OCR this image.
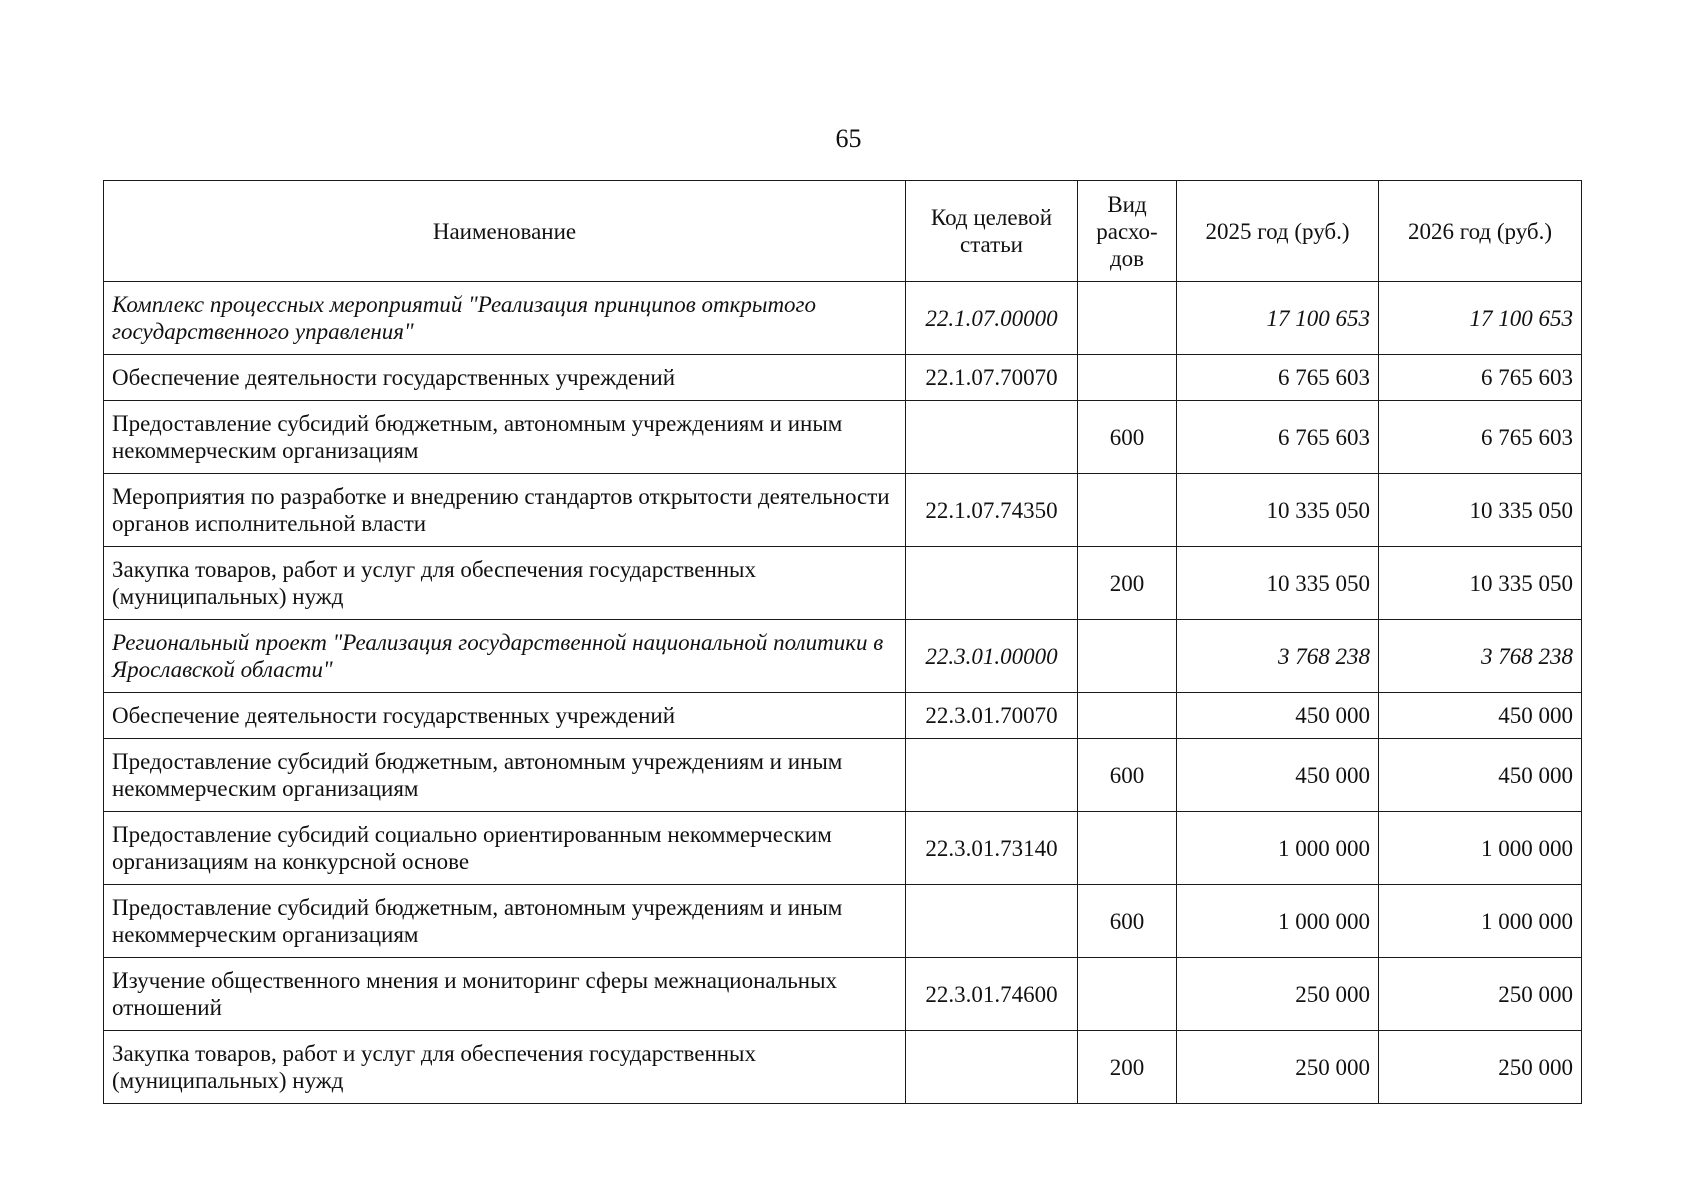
65
Наименование	Код целевой статьи	Вид расхо-дов	2025 год (руб.)	2026 год (руб.)
Комплекс процессных мероприятий "Реализация принципов открытого государственного управления"	22.1.07.00000		17 100 653	17 100 653
Обеспечение деятельности государственных учреждений	22.1.07.70070		6 765 603	6 765 603
Предоставление субсидий бюджетным, автономным учреждениям и иным некоммерческим организациям		600	6 765 603	6 765 603
Мероприятия по разработке и внедрению стандартов открытости деятельности органов исполнительной власти	22.1.07.74350		10 335 050	10 335 050
Закупка товаров, работ и услуг для обеспечения государственных (муниципальных) нужд		200	10 335 050	10 335 050
Региональный проект "Реализация государственной национальной политики в Ярославской области"	22.3.01.00000		3 768 238	3 768 238
Обеспечение деятельности государственных учреждений	22.3.01.70070		450 000	450 000
Предоставление субсидий бюджетным, автономным учреждениям и иным некоммерческим организациям		600	450 000	450 000
Предоставление субсидий социально ориентированным некоммерческим организациям на конкурсной основе	22.3.01.73140		1 000 000	1 000 000
Предоставление субсидий бюджетным, автономным учреждениям и иным некоммерческим организациям		600	1 000 000	1 000 000
Изучение общественного мнения и мониторинг сферы межнациональных отношений	22.3.01.74600		250 000	250 000
Закупка товаров, работ и услуг для обеспечения государственных (муниципальных) нужд		200	250 000	250 000
